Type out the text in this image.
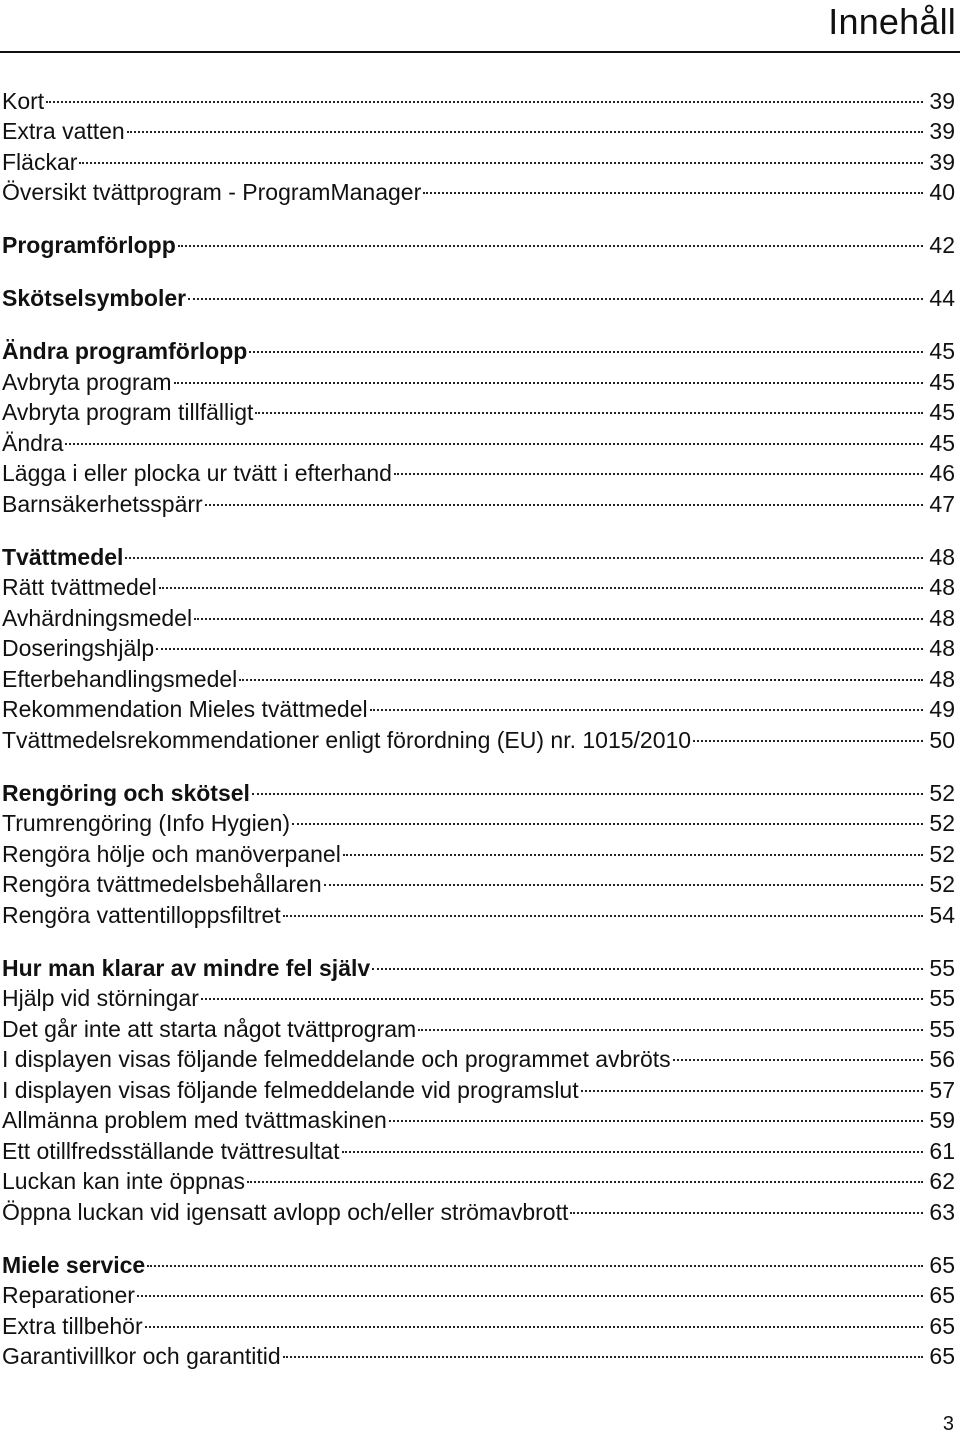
Innehåll
Kort	39
Extra vatten	39
Fläckar	39
Översikt tvättprogram - ProgramManager	40
Programförlopp	42
Skötselsymboler	44
Ändra programförlopp	45
Avbryta program	45
Avbryta program tillfälligt	45
Ändra	45
Lägga i eller plocka ur tvätt i efterhand	46
Barnsäkerhetsspärr	47
Tvättmedel	48
Rätt tvättmedel	48
Avhärdningsmedel	48
Doseringshjälp	48
Efterbehandlingsmedel	48
Rekommendation Mieles tvättmedel	49
Tvättmedelsrekommendationer enligt förordning (EU) nr. 1015/2010	50
Rengöring och skötsel	52
Trumrengöring (Info Hygien)	52
Rengöra hölje och manöverpanel	52
Rengöra tvättmedelsbehållaren	52
Rengöra vattentilloppsfiltret	54
Hur man klarar av mindre fel själv	55
Hjälp vid störningar	55
Det går inte att starta något tvättprogram	55
I displayen visas följande felmeddelande och programmet avbröts	56
I displayen visas följande felmeddelande vid programslut	57
Allmänna problem med tvättmaskinen	59
Ett otillfredsställande tvättresultat	61
Luckan kan inte öppnas	62
Öppna luckan vid igensatt avlopp och/eller strömavbrott	63
Miele service	65
Reparationer	65
Extra tillbehör	65
Garantivillkor och garantitid	65
3
